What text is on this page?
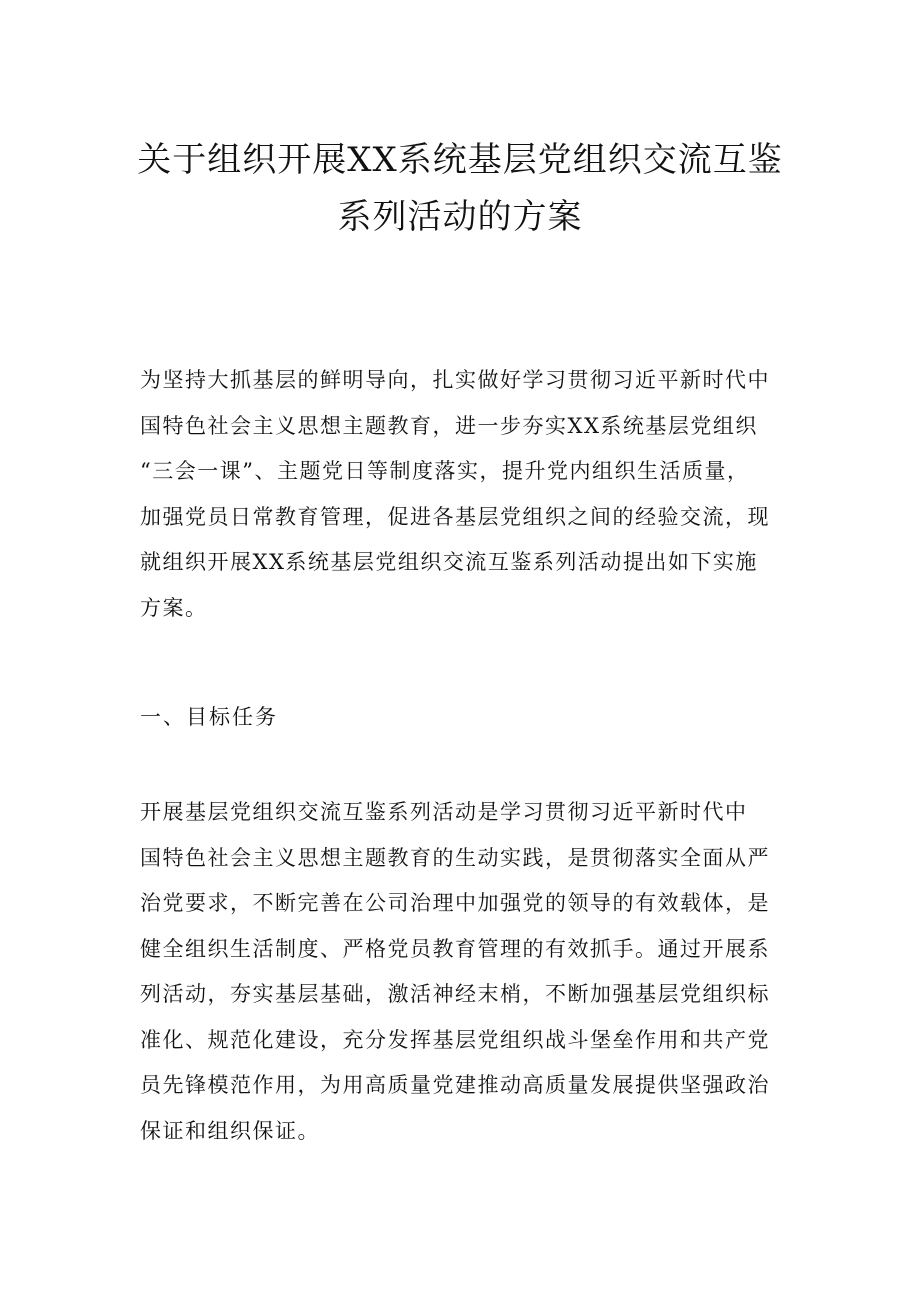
关于组织开展XX系统基层党组织交流互鉴
系列活动的方案

为坚持大抓基层的鲜明导向，扎实做好学习贯彻习近平新时代中
国特色社会主义思想主题教育，进一步夯实XX系统基层党组织
“三会一课”、主题党日等制度落实，提升党内组织生活质量，
加强党员日常教育管理，促进各基层党组织之间的经验交流，现
就组织开展XX系统基层党组织交流互鉴系列活动提出如下实施
方案。

一、目标任务

开展基层党组织交流互鉴系列活动是学习贯彻习近平新时代中
国特色社会主义思想主题教育的生动实践，是贯彻落实全面从严
治党要求，不断完善在公司治理中加强党的领导的有效载体，是
健全组织生活制度、严格党员教育管理的有效抓手。通过开展系
列活动，夯实基层基础，激活神经末梢，不断加强基层党组织标
准化、规范化建设，充分发挥基层党组织战斗堡垒作用和共产党
员先锋模范作用，为用高质量党建推动高质量发展提供坚强政治
保证和组织保证。
